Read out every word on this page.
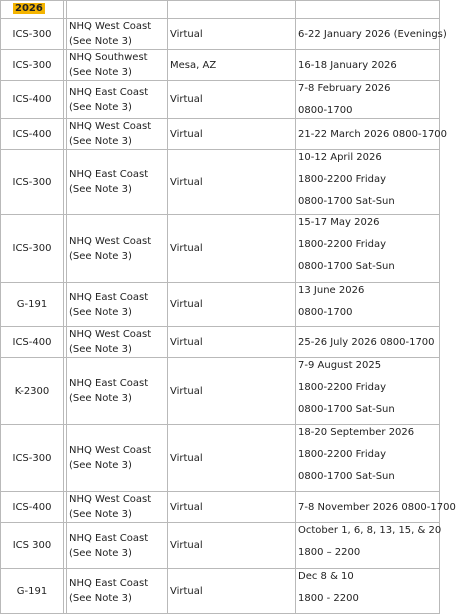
2026				
ICS-300		NHQ West Coast (See Note 3)	Virtual	6-22 January 2026 (Evenings)

ICS-300		NHQ Southwest (See Note 3)	Mesa, AZ	16-18 January 2026

ICS-400		NHQ East Coast (See Note 3)	Virtual	7-8 February 2026
0800-1700

ICS-400		NHQ West Coast (See Note 3)	Virtual	21-22 March 2026 0800-1700

ICS-300		NHQ East Coast (See Note 3)	Virtual	10-12 April 2026
1800-2200 Friday
0800-1700 Sat-Sun

ICS-300		NHQ West Coast (See Note 3)	Virtual	15-17 May 2026
1800-2200 Friday
0800-1700 Sat-Sun

G-191		NHQ East Coast (See Note 3)	Virtual	13 June 2026
0800-1700

ICS-400		NHQ West Coast (See Note 3)	Virtual	25-26 July 2026 0800-1700

K-2300		NHQ East Coast (See Note 3)	Virtual	7-9 August 2025
1800-2200 Friday
0800-1700 Sat-Sun

ICS-300		NHQ West Coast (See Note 3)	Virtual	18-20 September 2026
1800-2200 Friday
0800-1700 Sat-Sun

ICS-400		NHQ West Coast (See Note 3)	Virtual	7-8 November 2026 0800-1700

ICS 300		NHQ East Coast (See Note 3)	Virtual	October 1, 6, 8, 13, 15, & 20
1800 – 2200

G-191		NHQ East Coast (See Note 3)	Virtual	Dec 8 & 10
1800 - 2200
